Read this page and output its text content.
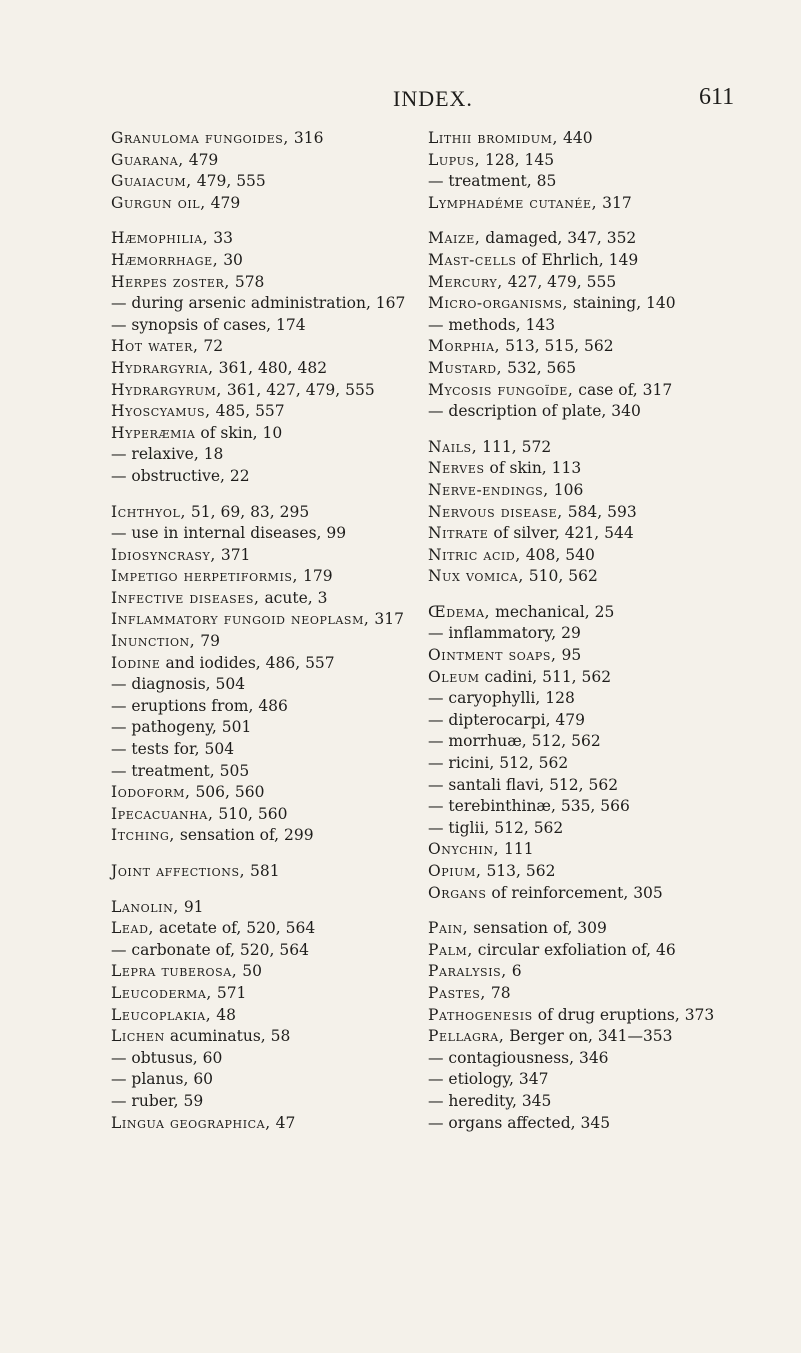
INDEX.	611
Granuloma fungoides, 316
Guarana, 479
Guaiacum, 479, 555
Gurgun oil, 479
Hæmophilia, 33
Hæmorrhage, 30
Herpes zoster, 578
— during arsenic administration, 167
— synopsis of cases, 174
Hot water, 72
Hydrargyria, 361, 480, 482
Hydrargyrum, 361, 427, 479, 555
Hyoscyamus, 485, 557
Hyperæmia of skin, 10
— relaxive, 18
— obstructive, 22
Ichthyol, 51, 69, 83, 295
— use in internal diseases, 99
Idiosyncrasy, 371
Impetigo herpetiformis, 179
Infective diseases, acute, 3
Inflammatory fungoid neoplasm, 317
Inunction, 79
Iodine and iodides, 486, 557
— diagnosis, 504
— eruptions from, 486
— pathogeny, 501
— tests for, 504
— treatment, 505
Iodoform, 506, 560
Ipecacuanha, 510, 560
Itching, sensation of, 299
Joint affections, 581
Lanolin, 91
Lead, acetate of, 520, 564
— carbonate of, 520, 564
Lepra tuberosa, 50
Leucoderma, 571
Leucoplakia, 48
Lichen acuminatus, 58
— obtusus, 60
— planus, 60
— ruber, 59
Lingua geographica, 47
Lithii bromidum, 440
Lupus, 128, 145
— treatment, 85
Lymphadéme cutanée, 317
Maize, damaged, 347, 352
Mast-cells of Ehrlich, 149
Mercury, 427, 479, 555
Micro-organisms, staining, 140
— methods, 143
Morphia, 513, 515, 562
Mustard, 532, 565
Mycosis fungoïde, case of, 317
— description of plate, 340
Nails, 111, 572
Nerves of skin, 113
Nerve-endings, 106
Nervous disease, 584, 593
Nitrate of silver, 421, 544
Nitric acid, 408, 540
Nux vomica, 510, 562
Œdema, mechanical, 25
— inflammatory, 29
Ointment soaps, 95
Oleum cadini, 511, 562
— caryophylli, 128
— dipterocarpi, 479
— morrhuæ, 512, 562
— ricini, 512, 562
— santali flavi, 512, 562
— terebinthinæ, 535, 566
— tiglii, 512, 562
Onychin, 111
Opium, 513, 562
Organs of reinforcement, 305
Pain, sensation of, 309
Palm, circular exfoliation of, 46
Paralysis, 6
Pastes, 78
Pathogenesis of drug eruptions, 373
Pellagra, Berger on, 341—353
— contagiousness, 346
— etiology, 347
— heredity, 345
— organs affected, 345
